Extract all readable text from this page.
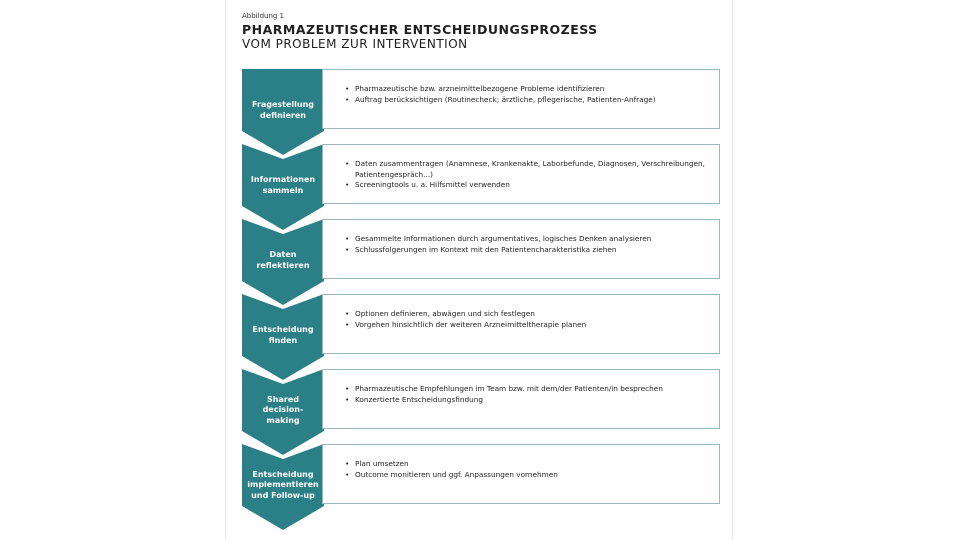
Abbildung 1
PHARMAZEUTISCHER ENTSCHEIDUNGSPROZESS
VOM PROBLEM ZUR INTERVENTION
Fragestellung
definieren
• Pharmazeutische bzw. arzneimittelbezogene Probleme identifizieren
• Auftrag berücksichtigen (Routinecheck; ärztliche, pflegerische, Patienten-Anfrage)
Informationen
sammeln
• Daten zusammentragen (Anamnese, Krankenakte, Laborbefunde, Diagnosen, Verschreibungen, Patientengespräch...)
• Screeningtools u. a. Hilfsmittel verwenden
Daten
reflektieren
• Gesammelte Informationen durch argumentatives, logisches Denken analysieren
• Schlussfolgerungen im Kontext mit den Patientencharakteristika ziehen
Entscheidung
finden
• Optionen definieren, abwägen und sich festlegen
• Vorgehen hinsichtlich der weiteren Arzneimitteltherapie planen
Shared
decision-
making
• Pharmazeutische Empfehlungen im Team bzw. mit dem/der Patienten/in besprechen
• Konzertierte Entscheidungsfindung
Entscheidung
implementieren
und Follow-up
• Plan umsetzen
• Outcome monitieren und ggf. Anpassungen vornehmen
